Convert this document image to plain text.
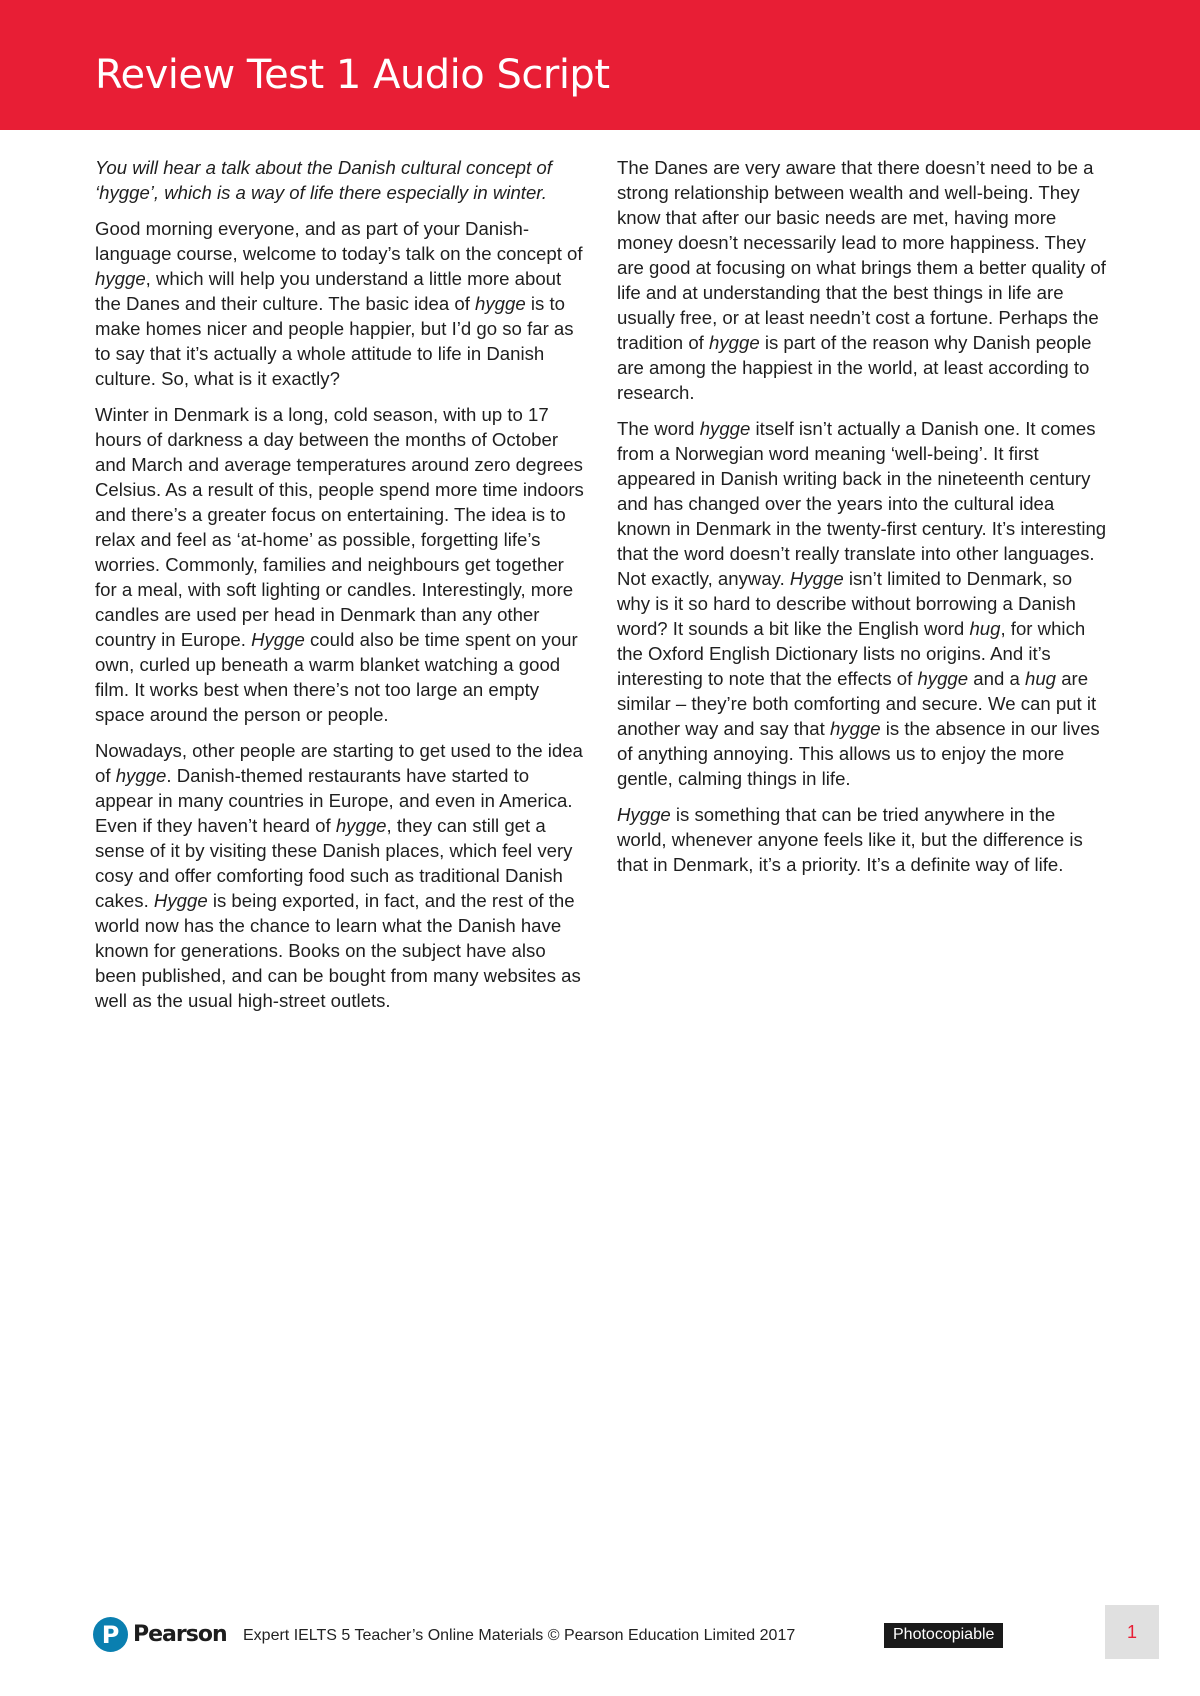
Review Test 1 Audio Script

You will hear a talk about the Danish cultural concept of ‘hygge’, which is a way of life there especially in winter.

Good morning everyone, and as part of your Danish-language course, welcome to today’s talk on the concept of hygge, which will help you understand a little more about the Danes and their culture. The basic idea of hygge is to make homes nicer and people happier, but I’d go so far as to say that it’s actually a whole attitude to life in Danish culture. So, what is it exactly?

Winter in Denmark is a long, cold season, with up to 17 hours of darkness a day between the months of October and March and average temperatures around zero degrees Celsius. As a result of this, people spend more time indoors and there’s a greater focus on entertaining. The idea is to relax and feel as ‘at-home’ as possible, forgetting life’s worries. Commonly, families and neighbours get together for a meal, with soft lighting or candles. Interestingly, more candles are used per head in Denmark than any other country in Europe. Hygge could also be time spent on your own, curled up beneath a warm blanket watching a good film. It works best when there’s not too large an empty space around the person or people.

Nowadays, other people are starting to get used to the idea of hygge. Danish-themed restaurants have started to appear in many countries in Europe, and even in America. Even if they haven’t heard of hygge, they can still get a sense of it by visiting these Danish places, which feel very cosy and offer comforting food such as traditional Danish cakes. Hygge is being exported, in fact, and the rest of the world now has the chance to learn what the Danish have known for generations. Books on the subject have also been published, and can be bought from many websites as well as the usual high-street outlets.

The Danes are very aware that there doesn’t need to be a strong relationship between wealth and well-being. They know that after our basic needs are met, having more money doesn’t necessarily lead to more happiness. They are good at focusing on what brings them a better quality of life and at understanding that the best things in life are usually free, or at least needn’t cost a fortune. Perhaps the tradition of hygge is part of the reason why Danish people are among the happiest in the world, at least according to research.

The word hygge itself isn’t actually a Danish one. It comes from a Norwegian word meaning ‘well-being’. It first appeared in Danish writing back in the nineteenth century and has changed over the years into the cultural idea known in Denmark in the twenty-first century. It’s interesting that the word doesn’t really translate into other languages. Not exactly, anyway. Hygge isn’t limited to Denmark, so why is it so hard to describe without borrowing a Danish word? It sounds a bit like the English word hug, for which the Oxford English Dictionary lists no origins. And it’s interesting to note that the effects of hygge and a hug are similar – they’re both comforting and secure. We can put it another way and say that hygge is the absence in our lives of anything annoying. This allows us to enjoy the more gentle, calming things in life.

Hygge is something that can be tried anywhere in the world, whenever anyone feels like it, but the difference is that in Denmark, it’s a priority. It’s a definite way of life.

P Pearson Expert IELTS 5 Teacher’s Online Materials © Pearson Education Limited 2017	Photocopiable	1
